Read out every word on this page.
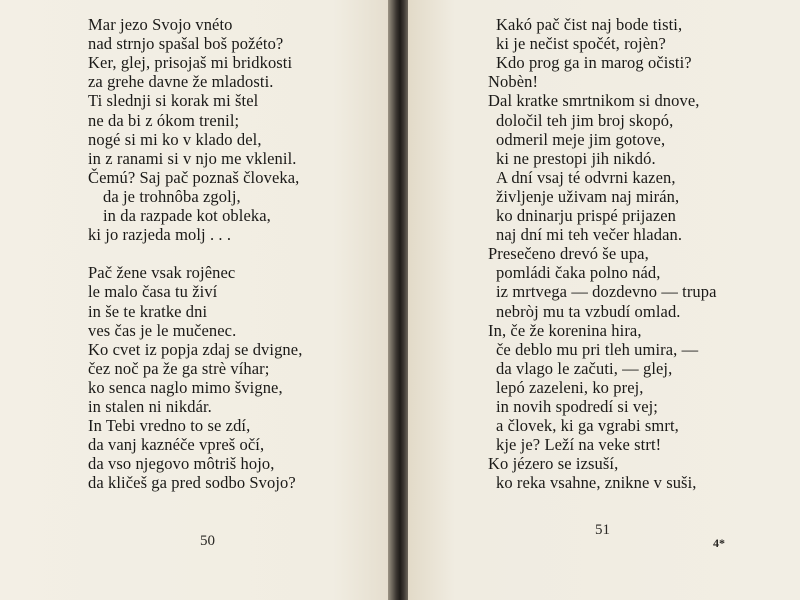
Mar jezo Svojo vnéto
nad strnjo spašal boš požéto?
Ker, glej, prisojaš mi bridkosti
za grehe davne že mladosti.
Ti slednji si korak mi štel
ne da bi z ókom trenil;
nogé si mi ko v klado del,
in z ranami si v njo me vklenil.
Čemú? Saj pač poznaš človeka,
da je trohnôba zgolj,
in da razpade kot obleka,
ki jo razjeda molj . . .
Pač žene vsak rojênec
le malo časa tu živí
in še te kratke dni
ves čas je le mučenec.
Ko cvet iz popja zdaj se dvigne,
čez noč pa že ga strè víhar;
ko senca naglo mimo švigne,
in stalen ni nikdár.
In Tebi vredno to se zdí,
da vanj kaznéče vpreš očí,
da vso njegovo môtriš hojo,
da kličeš ga pred sodbo Svojo?
50
Kakó pač čist naj bode tisti,
ki je nečist spočét, rojèn?
Kdo prog ga in marog očisti?
Nobèn!
Dal kratke smrtnikom si dnove,
določil teh jim broj skopó,
odmeril meje jim gotove,
ki ne prestopi jih nikdó.
A dní vsaj té odvrni kazen,
življenje uživam naj mirán,
ko dninarju prispé prijazen
naj dní mi teh večer hladan.
Presečeno drevó še upa,
pomládi čaka polno nád,
iz mrtvega — dozdevno — trupa
nebròj mu ta vzbudí omlad.
In, če že korenina hira,
če deblo mu pri tleh umira, —
da vlago le začuti, — glej,
lepó zazeleni, ko prej,
in novih spodredí si vej;
a človek, ki ga vgrabi smrt,
kje je? Leží na veke strt!
Ko jézero se izsuší,
ko reka vsahne, znikne v suši,
51
4*
